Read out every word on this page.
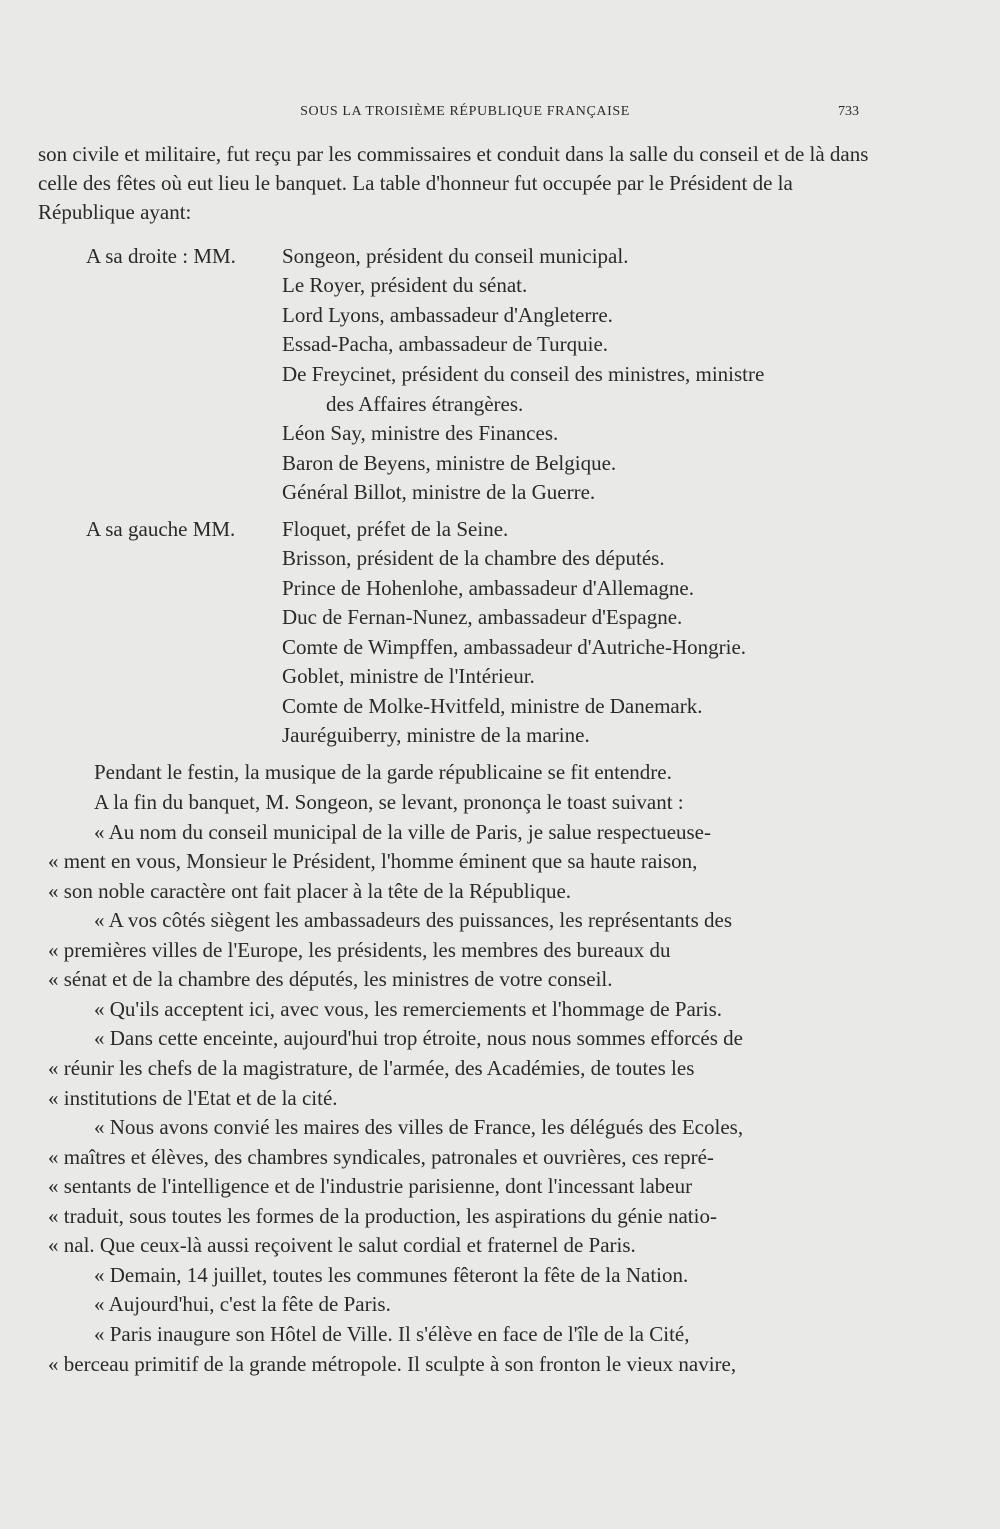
SOUS LA TROISIÈME RÉPUBLIQUE FRANÇAISE	733
son civile et militaire, fut reçu par les commissaires et conduit dans la salle du conseil et de là dans celle des fêtes où eut lieu le banquet. La table d'honneur fut occupée par le Président de la République ayant:
A sa droite : MM. Songeon, président du conseil municipal.
Le Royer, président du sénat.
Lord Lyons, ambassadeur d'Angleterre.
Essad-Pacha, ambassadeur de Turquie.
De Freycinet, président du conseil des ministres, ministre
des Affaires étrangères.
Léon Say, ministre des Finances.
Baron de Beyens, ministre de Belgique.
Général Billot, ministre de la Guerre.
A sa gauche MM. Floquet, préfet de la Seine.
Brisson, président de la chambre des députés.
Prince de Hohenlohe, ambassadeur d'Allemagne.
Duc de Fernan-Nunez, ambassadeur d'Espagne.
Comte de Wimpffen, ambassadeur d'Autriche-Hongrie.
Goblet, ministre de l'Intérieur.
Comte de Molke-Hvitfeld, ministre de Danemark.
Jauréguiberry, ministre de la marine.
Pendant le festin, la musique de la garde républicaine se fit entendre.
A la fin du banquet, M. Songeon, se levant, prononça le toast suivant :
« Au nom du conseil municipal de la ville de Paris, je salue respectueuse-
« ment en vous, Monsieur le Président, l'homme éminent que sa haute raison,
« son noble caractère ont fait placer à la tête de la République.
« A vos côtés siègent les ambassadeurs des puissances, les représentants des
« premières villes de l'Europe, les présidents, les membres des bureaux du
« sénat et de la chambre des députés, les ministres de votre conseil.
« Qu'ils acceptent ici, avec vous, les remerciements et l'hommage de Paris.
« Dans cette enceinte, aujourd'hui trop étroite, nous nous sommes efforcés de
« réunir les chefs de la magistrature, de l'armée, des Académies, de toutes les
« institutions de l'Etat et de la cité.
« Nous avons convié les maires des villes de France, les délégués des Ecoles,
« maîtres et élèves, des chambres syndicales, patronales et ouvrières, ces repré-
« sentants de l'intelligence et de l'industrie parisienne, dont l'incessant labeur
« traduit, sous toutes les formes de la production, les aspirations du génie natio-
« nal. Que ceux-là aussi reçoivent le salut cordial et fraternel de Paris.
« Demain, 14 juillet, toutes les communes fêteront la fête de la Nation.
« Aujourd'hui, c'est la fête de Paris.
« Paris inaugure son Hôtel de Ville. Il s'élève en face de l'île de la Cité,
« berceau primitif de la grande métropole. Il sculpte à son fronton le vieux navire,
